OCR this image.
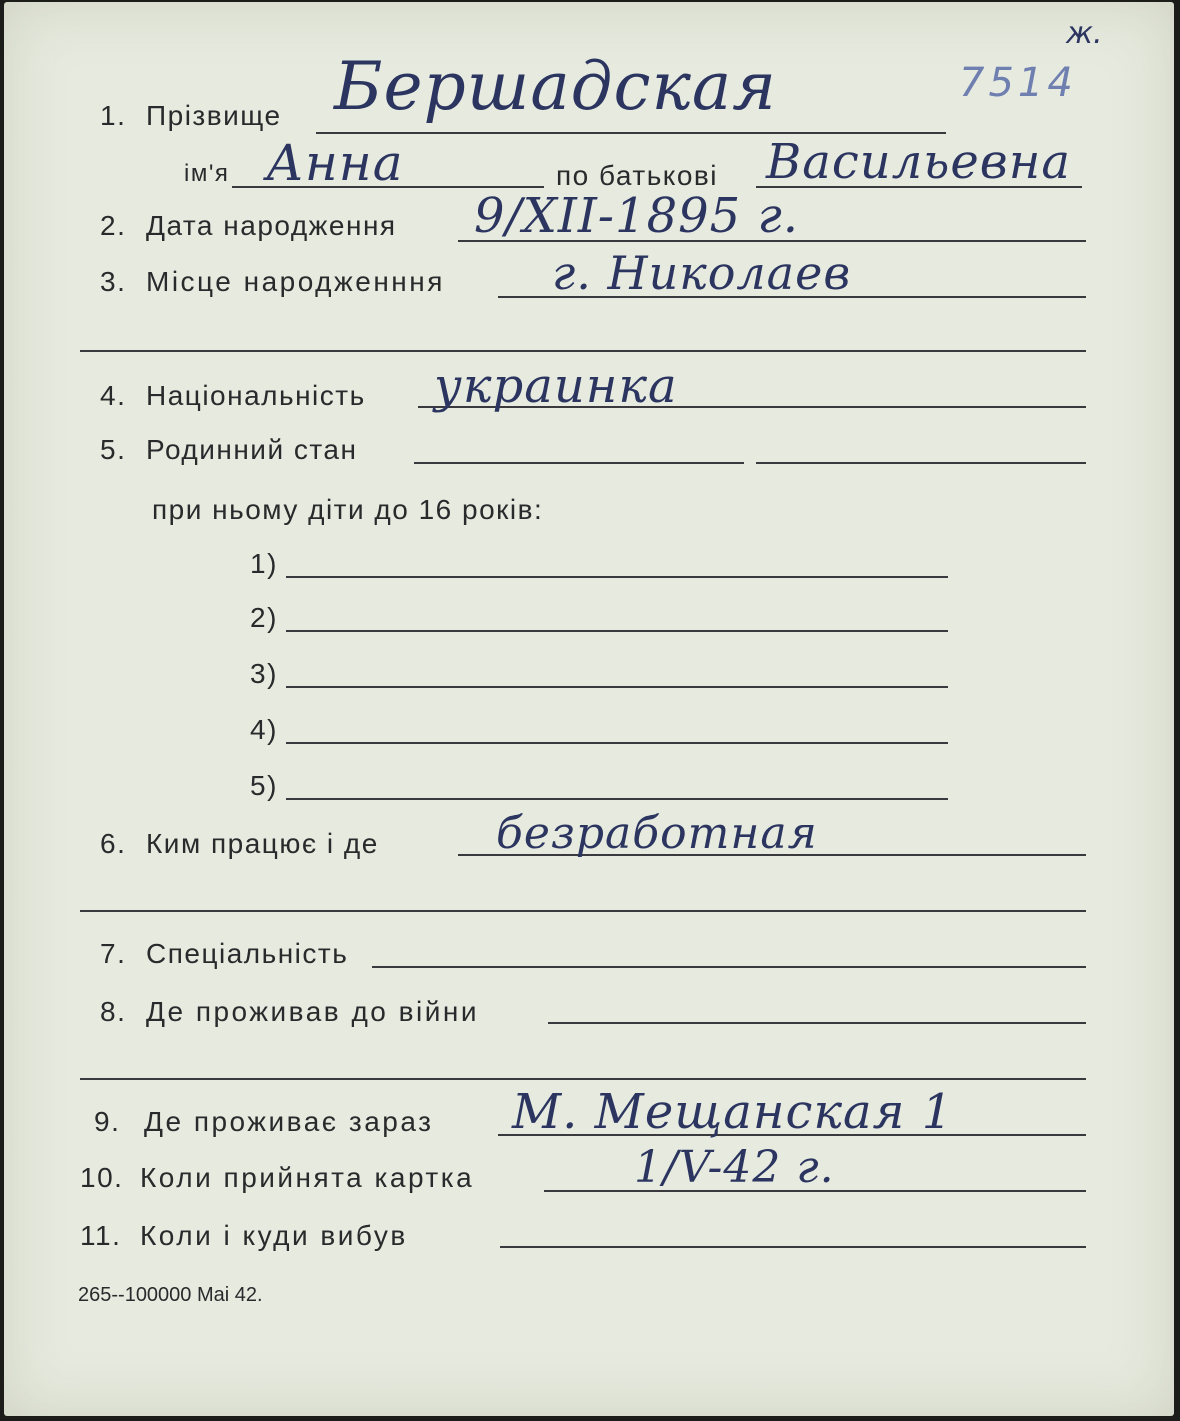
ж.
7514
1. Прізвище Бершадская
ім'я Анна	по батькові Васильевна
2. Дата народження 9/XII-1895 г.
3. Місце народженння г. Николаев
4. Національність украинка
5. Родинний стан
при ньому діти до 16 років:
1)
2)
3)
4)
5)
6. Ким працює і де	безработная
7. Спеціальність
8. Де проживав до війни
9. Де проживає зараз М. Мещанская 1
10. Коли прийнята картка	1/V-42 г.
11. Коли і куди вибув
265--100000 Mai 42.
